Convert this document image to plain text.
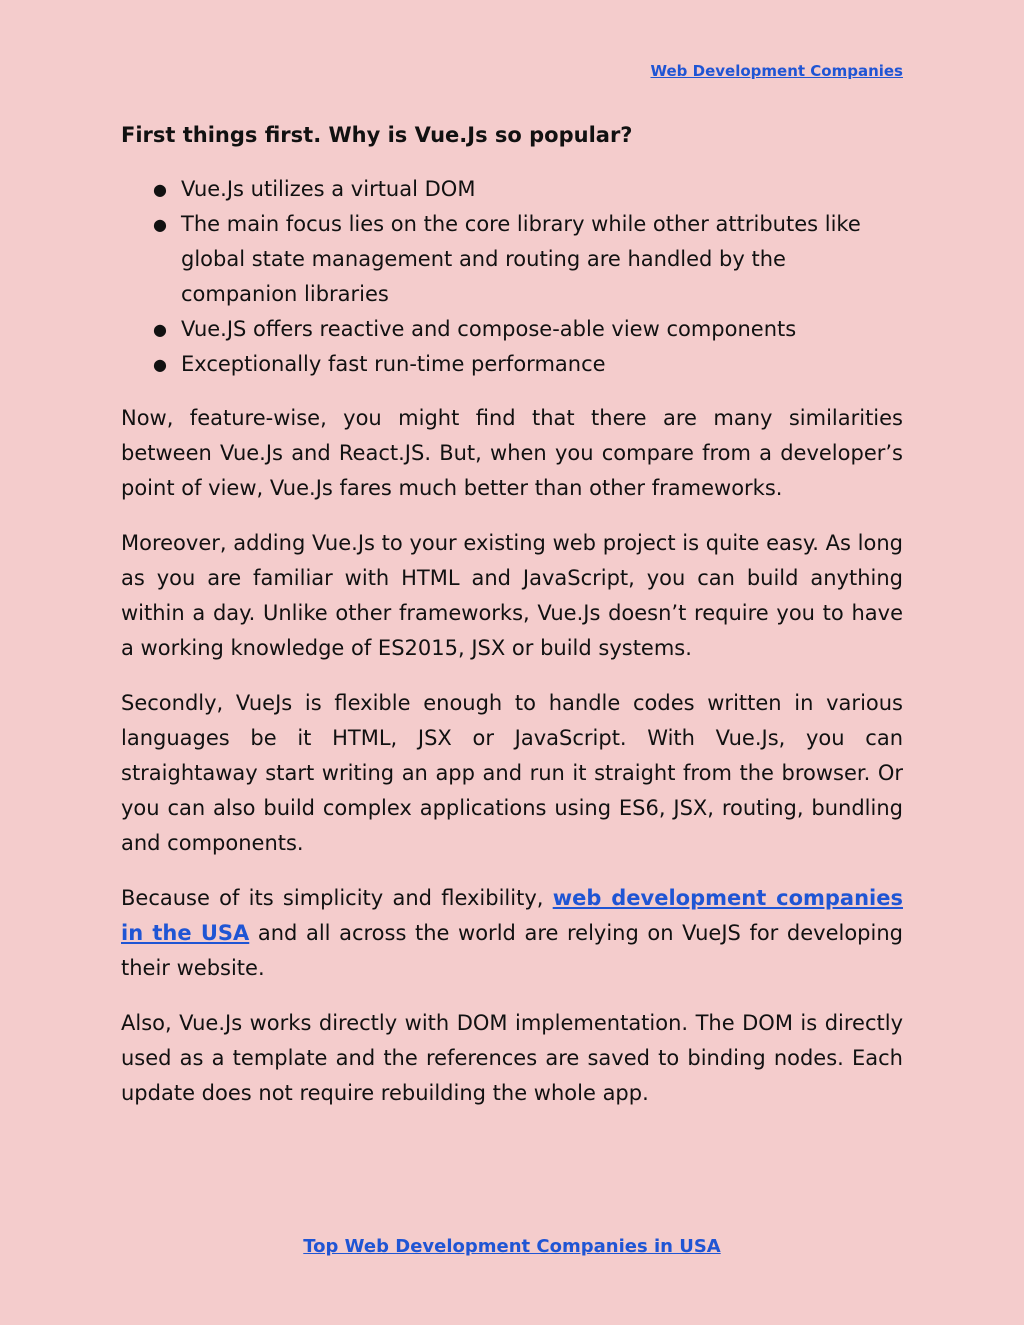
Web Development Companies
First things first. Why is Vue.Js so popular?
● Vue.Js utilizes a virtual DOM
● The main focus lies on the core library while other attributes like global state management and routing are handled by the companion libraries
● Vue.JS offers reactive and compose-able view components
● Exceptionally fast run-time performance

Now, feature-wise, you might find that there are many similarities between Vue.Js and React.JS. But, when you compare from a developer’s point of view, Vue.Js fares much better than other frameworks.

Moreover, adding Vue.Js to your existing web project is quite easy. As long as you are familiar with HTML and JavaScript, you can build anything within a day. Unlike other frameworks, Vue.Js doesn’t require you to have a working knowledge of ES2015, JSX or build systems.

Secondly, VueJs is flexible enough to handle codes written in various languages be it HTML, JSX or JavaScript. With Vue.Js, you can straightaway start writing an app and run it straight from the browser. Or you can also build complex applications using ES6, JSX, routing, bundling and components.

Because of its simplicity and flexibility, web development companies in the USA and all across the world are relying on VueJS for developing their website.

Also, Vue.Js works directly with DOM implementation. The DOM is directly used as a template and the references are saved to binding nodes. Each update does not require rebuilding the whole app.

Top Web Development Companies in USA
